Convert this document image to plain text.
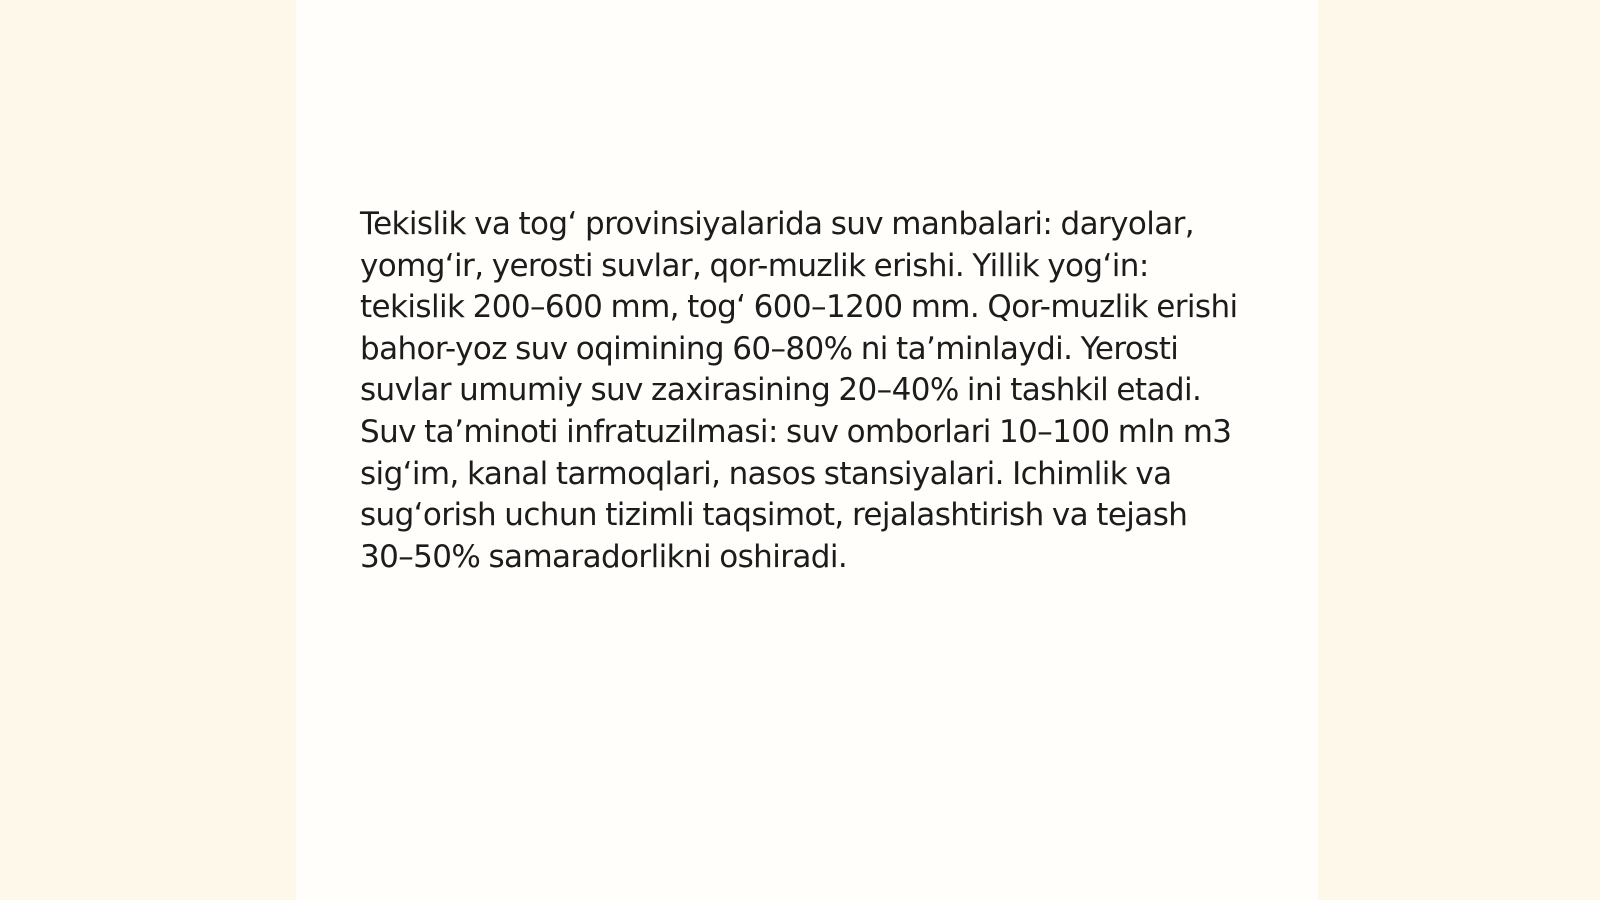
Tekislik va tog‘ provinsiyalarida suv manbalari: daryolar, yomg‘ir, yerosti suvlar, qor-muzlik erishi. Yillik yog‘in: tekislik 200–600 mm, tog‘ 600–1200 mm. Qor-muzlik erishi bahor-yoz suv oqimining 60–80% ni ta’minlaydi. Yerosti suvlar umumiy suv zaxirasining 20–40% ini tashkil etadi. Suv ta’minoti infratuzilmasi: suv omborlari 10–100 mln m3 sig‘im, kanal tarmoqlari, nasos stansiyalari. Ichimlik va sug‘orish uchun tizimli taqsimot, rejalashtirish va tejash 30–50% samaradorlikni oshiradi.
